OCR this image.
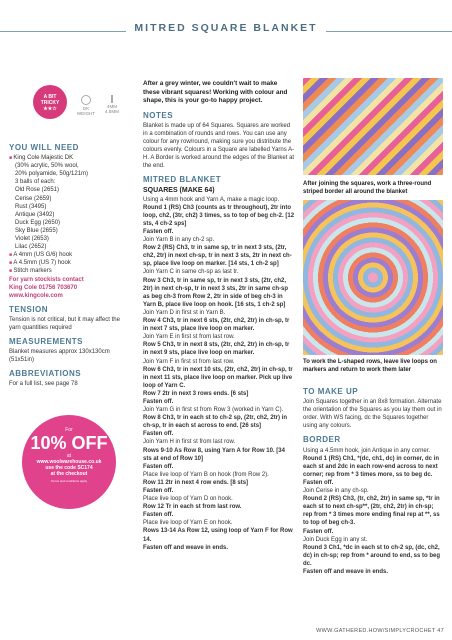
MITRED SQUARE BLANKET
A BIT
TRICKY
★★☆	DK
WEIGHT
4MM
4.5MM
YOU WILL NEED

■ King Cole Majestic DK

(30% acrylic, 50% wool,

20% polyamide, 50g/121m)

3 balls of each:

Old Rose (2651)

Cerise (2659)

Rust (3495)

Antique (3492)

Duck Egg (2650)

Sky Blue (2655)

Violet (2653)

Lilac (2652)

■ A 4mm (US G/6) hook

■ A 4.5mm (US 7) hook

■ Stitch markers

For yarn stockists contact

King Cole 01756 703670

www.kingcole.com

TENSION

Tension is not critical, but it may affect the yarn quantities required

MEASUREMENTS

Blanket measures approx 130x130cm (51x51in)

ABBREVIATIONS

For a full list, see page 78

For
10% OFF
at
www.woolwarehouse.co.uk
use the code SC174
at the checkout
Terms and conditions apply

After a grey winter, we couldn't wait to make these vibrant squares! Working with colour and shape, this is your go-to happy project.

NOTES

Blanket is made up of 64 Squares. Squares are worked in a combination of rounds and rows. You can use any colour for any row/round, making sure you distribute the colours evenly. Colours in a Square are labelled Yarns A-H. A Border is worked around the edges of the Blanket at the end.

MITRED BLANKET
SQUARES (MAKE 64)

Using a 4mm hook and Yarn A, make a magic loop.

Round 1 (RS) Ch3 (counts as tr throughout), 2tr into loop, ch2, (3tr, ch2) 3 times, ss to top of beg ch-2. [12 sts, 4 ch-2 sps]

Fasten off.

Join Yarn B in any ch-2 sp.

Row 2 (RS) Ch3, tr in same sp, tr in next 3 sts, (2tr, ch2, 2tr) in next ch-sp, tr in next 3 sts, 2tr in next ch-sp, place live loop on marker. [14 sts, 1 ch-2 sp]

Join Yarn C in same ch-sp as last tr.

Row 3 Ch3, tr in same sp, tr in next 3 sts, (2tr, ch2, 2tr) in next ch-sp, tr in next 3 sts, 2tr in same ch-sp as beg ch-3 from Row 2, 2tr in side of beg ch-3 in Yarn B, place live loop on hook. [16 sts, 1 ch-2 sp]

Join Yarn D in first st in Yarn B.

Row 4 Ch3, tr in next 6 sts, (2tr, ch2, 2tr) in ch-sp, tr in next 7 sts, place live loop on marker.

Join Yarn E in first st from last row.

Row 5 Ch3, tr in next 8 sts, (2tr, ch2, 2tr) in ch-sp, tr in next 9 sts, place live loop on marker.

Join Yarn F in first st from last row.

Row 6 Ch3, tr in next 10 sts, (2tr, ch2, 2tr) in ch-sp, tr in next 11 sts, place live loop on marker. Pick up live loop of Yarn C.

Row 7 2tr in next 3 rows ends. [6 sts]

Fasten off.

Join Yarn G in first st from Row 3 (worked in Yarn C).

Row 8 Ch3, tr in each st to ch-2 sp, (2tr, ch2, 2tr) in ch-sp, tr in each st across to end. [26 sts]

Fasten off.

Join Yarn H in first st from last row.

Rows 9-10 As Row 8, using Yarn A for Row 10. [34 sts at end of Row 10]

Fasten off.

Place live loop of Yarn B on hook (from Row 2).

Row 11 2tr in next 4 row ends. [8 sts]

Fasten off.

Place live loop of Yarn D on hook.

Row 12 Tr in each st from last row.

Fasten off.

Place live loop of Yarn E on hook.

Rows 13-14 As Row 12, using loop of Yarn F for Row 14.

Fasten off and weave in ends.

After joining the squares, work a three-round striped border all around the blanket
To work the L-shaped rows, leave live loops on markers and return to work them later
TO MAKE UP

Join Squares together in an 8x8 formation. Alternate the orientation of the Squares as you lay them out in order. With WS facing, dc the Squares together using any colours.

BORDER

Using a 4.5mm hook, join Antique in any corner.

Round 1 (RS) Ch1, *(dc, ch1, dc) in corner, dc in each st and 2dc in each row-end across to next corner; rep from * 3 times more, ss to beg dc.

Fasten off.

Join Cerise in any ch-sp.

Round 2 (RS) Ch3, (tr, ch2, 2tr) in same sp, *tr in each st to next ch-sp**, (2tr, ch2, 2tr) in ch-sp; rep from * 3 times more ending final rep at **, ss to top of beg ch-3.

Fasten off.

Join Duck Egg in any st.

Round 3 Ch1, *dc in each st to ch-2 sp, (dc, ch2, dc) in ch-sp; rep from * around to end, ss to beg dc.

Fasten off and weave in ends.

WWW.GATHERED.HOW/SIMPLYCROCHET 47
